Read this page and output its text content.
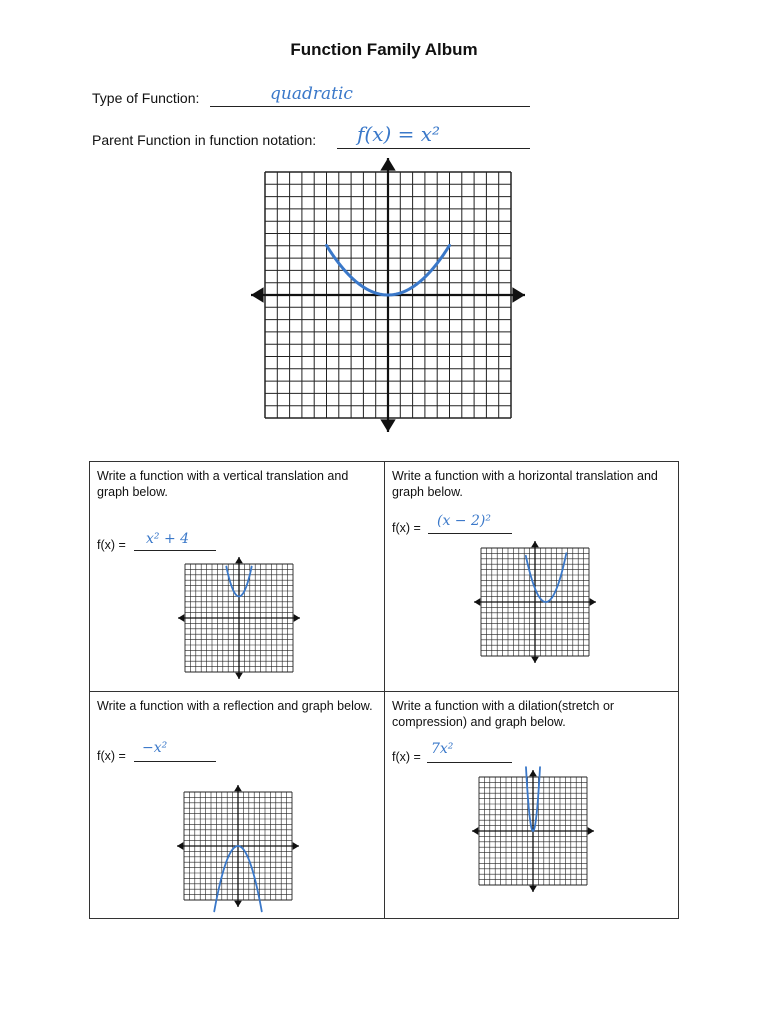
Function Family Album
Type of Function:	quadratic
Parent Function in function notation: f(x) = x²
Write a function with a vertical translation and graph below.
f(x) = x² + 4
Write a function with a horizontal translation and graph below.
f(x) = (x − 2)²
Write a function with a reflection and graph below.
f(x) = −x²
Write a function with a dilation(stretch or compression) and graph below.
f(x) = 7x²
